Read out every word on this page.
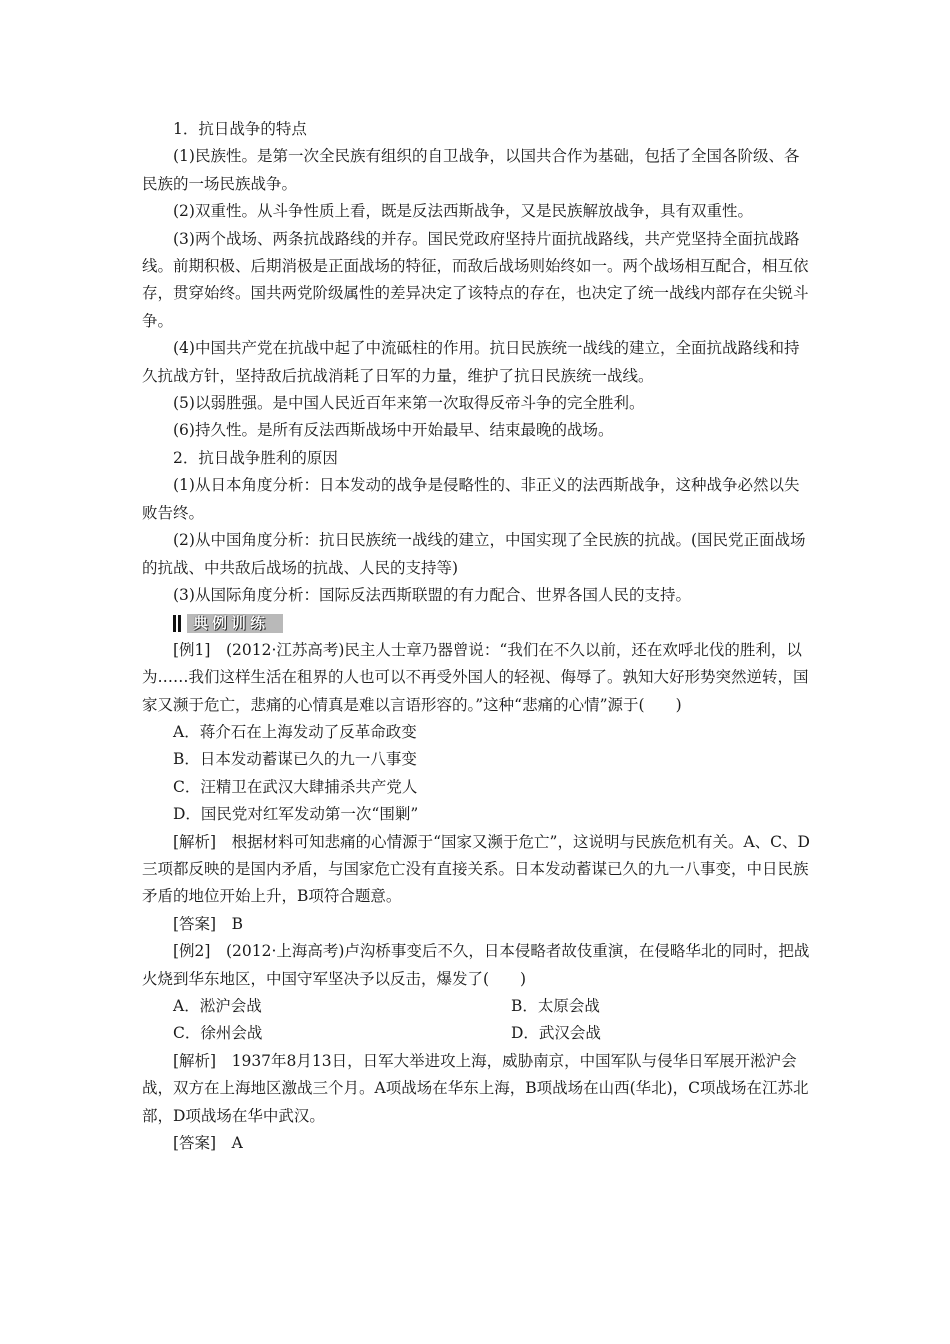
1．抗日战争的特点

(1)民族性。是第一次全民族有组织的自卫战争，以国共合作为基础，包括了全国各阶级、各民族的一场民族战争。

(2)双重性。从斗争性质上看，既是反法西斯战争，又是民族解放战争，具有双重性。

(3)两个战场、两条抗战路线的并存。国民党政府坚持片面抗战路线，共产党坚持全面抗战路线。前期积极、后期消极是正面战场的特征，而敌后战场则始终如一。两个战场相互配合，相互依存，贯穿始终。国共两党阶级属性的差异决定了该特点的存在，也决定了统一战线内部存在尖锐斗争。

(4)中国共产党在抗战中起了中流砥柱的作用。抗日民族统一战线的建立，全面抗战路线和持久抗战方针，坚持敌后抗战消耗了日军的力量，维护了抗日民族统一战线。

(5)以弱胜强。是中国人民近百年来第一次取得反帝斗争的完全胜利。

(6)持久性。是所有反法西斯战场中开始最早、结束最晚的战场。

2．抗日战争胜利的原因

(1)从日本角度分析：日本发动的战争是侵略性的、非正义的法西斯战争，这种战争必然以失败告终。

(2)从中国角度分析：抗日民族统一战线的建立，中国实现了全民族的抗战。(国民党正面战场的抗战、中共敌后战场的抗战、人民的支持等)

(3)从国际角度分析：国际反法西斯联盟的有力配合、世界各国人民的支持。

典例训练

[例1]　(2012·江苏高考)民主人士章乃器曾说：“我们在不久以前，还在欢呼北伐的胜利，以为……我们这样生活在租界的人也可以不再受外国人的轻视、侮辱了。孰知大好形势突然逆转，国家又濒于危亡，悲痛的心情真是难以言语形容的。”这种“悲痛的心情”源于(　　)

A．蒋介石在上海发动了反革命政变

B．日本发动蓄谋已久的九一八事变

C．汪精卫在武汉大肆捕杀共产党人

D．国民党对红军发动第一次“围剿”

[解析]　根据材料可知悲痛的心情源于“国家又濒于危亡”，这说明与民族危机有关。A、C、D三项都反映的是国内矛盾，与国家危亡没有直接关系。日本发动蓄谋已久的九一八事变，中日民族矛盾的地位开始上升，B项符合题意。

[答案]　B

[例2]　(2012·上海高考)卢沟桥事变后不久，日本侵略者故伎重演，在侵略华北的同时，把战火烧到华东地区，中国守军坚决予以反击，爆发了(　　)

A．淞沪会战	B．太原会战
C．徐州会战	D．武汉会战

[解析]　1937年8月13日，日军大举进攻上海，威胁南京，中国军队与侵华日军展开淞沪会战，双方在上海地区激战三个月。A项战场在华东上海，B项战场在山西(华北)，C项战场在江苏北部，D项战场在华中武汉。

[答案]　A
